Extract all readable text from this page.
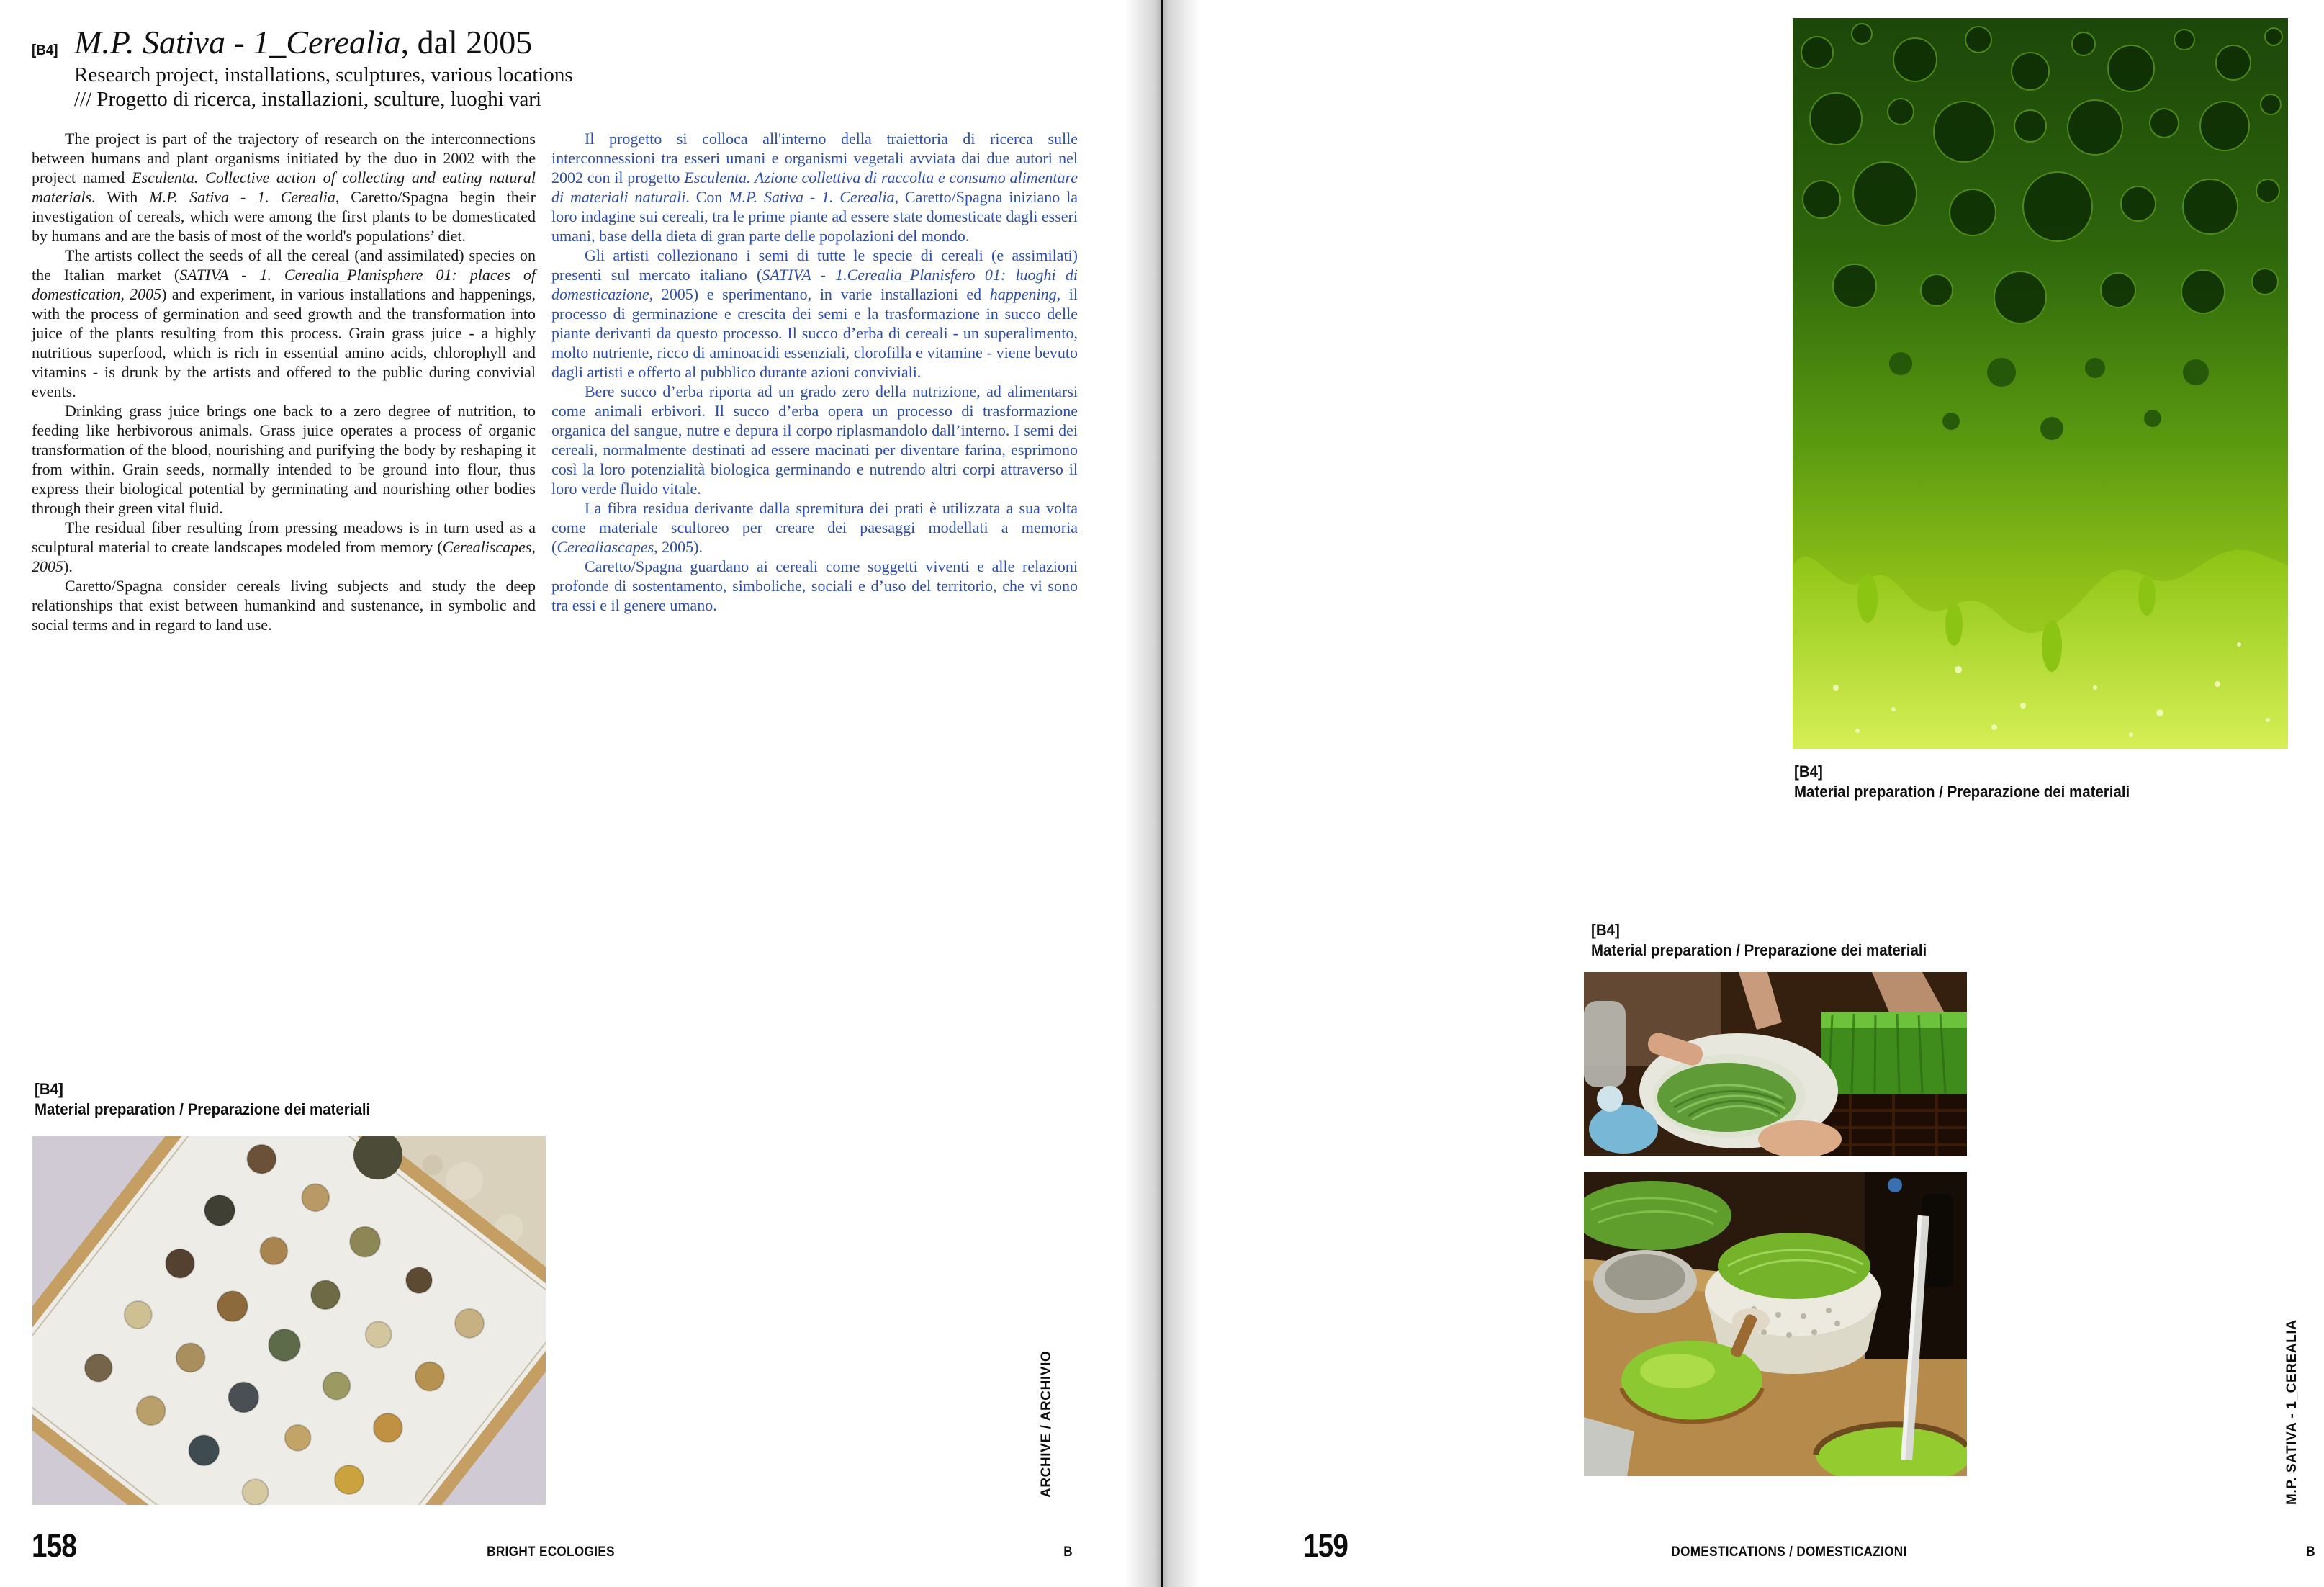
[B4] M.P. Sativa - 1_Cerealia, dal 2005
Research project, installations, sculptures, various locations
/// Progetto di ricerca, installazioni, sculture, luoghi vari

The project is part of the trajectory of research on the interconnections between humans and plant organisms initiated by the duo in 2002 with the project named Esculenta. Collective action of collecting and eating natural materials. With M.P. Sativa - 1. Cerealia, Caretto/Spagna begin their investigation of cereals, which were among the first plants to be domesticated by humans and are the basis of most of the world's populations’ diet.

The artists collect the seeds of all the cereal (and assimilated) species on the Italian market (SATIVA - 1. Cerealia_Planisphere 01: places of domestication, 2005) and experiment, in various installations and happenings, with the process of germination and seed growth and the transformation into juice of the plants resulting from this process. Grain grass juice - a highly nutritious superfood, which is rich in essential amino acids, chlorophyll and vitamins - is drunk by the artists and offered to the public during convivial events.

Drinking grass juice brings one back to a zero degree of nutrition, to feeding like herbivorous animals. Grass juice operates a process of organic transformation of the blood, nourishing and purifying the body by reshaping it from within. Grain seeds, normally intended to be ground into flour, thus express their biological potential by germinating and nourishing other bodies through their green vital fluid.

The residual fiber resulting from pressing meadows is in turn used as a sculptural material to create landscapes modeled from memory (Cerealiscapes, 2005).

Caretto/Spagna consider cereals living subjects and study the deep relationships that exist between humankind and sustenance, in symbolic and social terms and in regard to land use.

Il progetto si colloca all'interno della traiettoria di ricerca sulle interconnessioni tra esseri umani e organismi vegetali avviata dai due autori nel 2002 con il progetto Esculenta. Azione collettiva di raccolta e consumo alimentare di materiali naturali. Con M.P. Sativa - 1. Cerealia, Caretto/Spagna iniziano la loro indagine sui cereali, tra le prime piante ad essere state domesticate dagli esseri umani, base della dieta di gran parte delle popolazioni del mondo.

Gli artisti collezionano i semi di tutte le specie di cereali (e assimilati) presenti sul mercato italiano (SATIVA - 1.Cerealia_Planisfero 01: luoghi di domesticazione, 2005) e sperimentano, in varie installazioni ed happening, il processo di germinazione e crescita dei semi e la trasformazione in succo delle piante derivanti da questo processo. Il succo d’erba di cereali - un superalimento, molto nutriente, ricco di aminoacidi essenziali, clorofilla e vitamine - viene bevuto dagli artisti e offerto al pubblico durante azioni conviviali.

Bere succo d’erba riporta ad un grado zero della nutrizione, ad alimentarsi come animali erbivori. Il succo d’erba opera un processo di trasformazione organica del sangue, nutre e depura il corpo riplasmandolo dall’interno. I semi dei cereali, normalmente destinati ad essere macinati per diventare farina, esprimono così la loro potenzialità biologica germinando e nutrendo altri corpi attraverso il loro verde fluido vitale.

La fibra residua derivante dalla spremitura dei prati è utilizzata a sua volta come materiale scultoreo per creare dei paesaggi modellati a memoria (Cerealiascapes, 2005).

Caretto/Spagna guardano ai cereali come soggetti viventi e alle relazioni profonde di sostentamento, simboliche, sociali e d’uso del territorio, che vi sono tra essi e il genere umano.

[B4]
Material preparation / Preparazione dei materiali
ARCHIVE / ARCHIVIO

158	BRIGHT ECOLOGIES	B
[B4]
Material preparation / Preparazione dei materiali
[B4]
Material preparation / Preparazione dei materiali
M.P. SATIVA - 1_CEREALIA

159	DOMESTICATIONS / DOMESTICAZIONI	B
